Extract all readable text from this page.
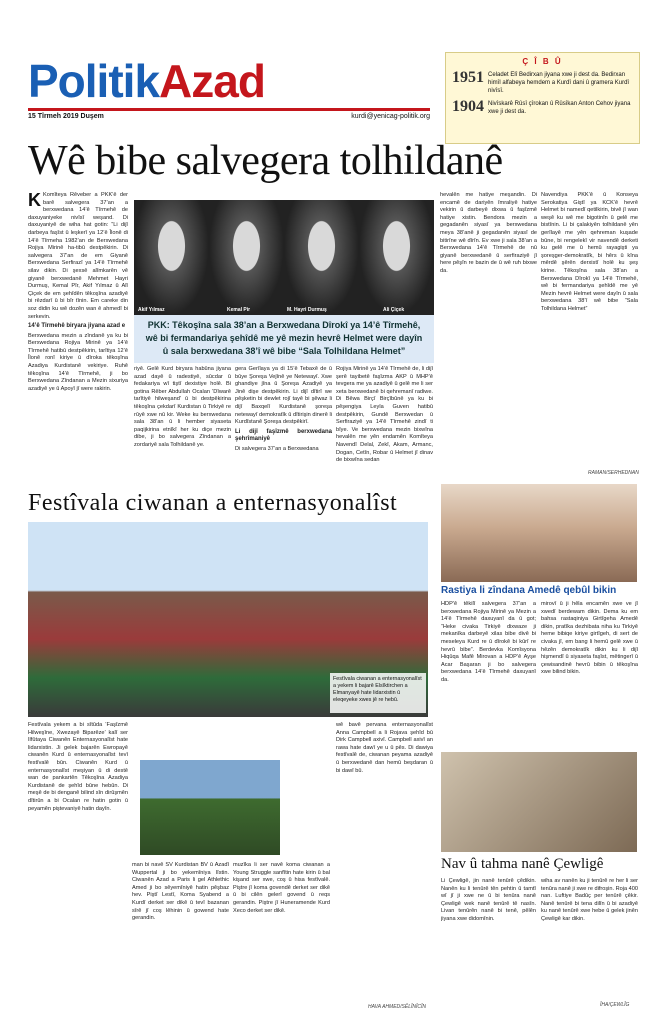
PolitikAzad
15 Tîrmeh 2019 Duşem	kurdi@yenicag-politik.org
Ç Î B Û
1951 Celadet Elî Bedirxan jiyana xwe ji dest da. Bedirxan himîl alfabeya hemdem a Kurdî dani û gramera Kurdî nivîsî.
1904 Nivîskarê Rûsî çîrokan û Rûsîkan Anton Cehov jiyana xwe ji dest da.
Wê bibe salvegera tolhildanê

K Komîteya Rêveber a PKK’ê der barê salvegera 37’an a berxwedana 14’ê Tîrmehê de daxuyaniyeke nivîsî weşand. Di daxuyaniyê de wiha hat gotin: “Li dijî darbeya faşîst û leşkerî ya 12’ê Îlonê di 14’ê Tîrmeha 1982’an de Berxwedana Rojiya Mirinê ha-tibû destpêkirin. Di salvegera 37’an de em Giyanê Berxwedana Serfirazî ya 14’ê Tîrmehê silav dikin. Di şexsê alîmkarên vê giyanê berxwedanê Mehmet Hayri Durmuş, Kemal Pîr, Akif Yılmaz û Alî Çiçek de em şehîdên têkoşîna azadiyê bi rêzdarî û bi bîr tînin. Em careke din soz didin ku wê dozên wan ê ahmedî bi serkevin.

14’ê Tîrmehê biryara jiyana azad e

Berxwedana mezin a zîndanê ya ku bi Berxwedana Rojiya Mirinê ya 14’ê Tîrmehê hatibû destpêkirin, tarîtiya 12’ê Îlonê ronî kiriye û dîroka têkoşîna Azadiya Kurdistanê vekiriye. Ruhê têkoşîna 14’ê Tîrmehê, ji bo Berxwedana Zîndanan a Mezin sixuriya azadiyê ye û Apoyî jî were rakirin.

Akif Yılmaz	Kemal Pir	M. Hayri Durmuş	Ali Çiçek
PKK: Têkoşîna sala 38’an a Berxwedana Dîrokî ya 14’ê Tîrmehê, wê bi fermandariya şehîdê me yê mezin hevrê Helmet were dayîn û sala berxwedana 38’î wê bibe “Sala Tolhildana Helmet”
riyê. Gelê Kurd biryara habûna jiyana azad dayê û radestiyê, sûcdar û fedakariya wî tiştî dexistiye holê. Bi gotina Rêber Abdullah Ocalan ‘Dîwarê tarîtiyê hilweşand’ û bi destpêkirina têkoşîna çekdarî Kurdistan û Tirkiyê re rûyê xwe nû kir. Weke ku berxwedana sala 38’an û li hember siyaseta paqijkirina etnîkî her ku diçe mezin dibe, ji bo salvegera Zîndanan a zordariyê sala Tolhildanê ye.

gera Gerîlaya ya di 15’ê Tebaxê de û bûye Şoreşa Vejînê ye Netewayî. Xwe ghandiye jîna û Şoreşa Azadiyê ya Jinê dişe destpêkirin. Li dijî dîtirî we pêşketin bi dewlet rojî tayê bi şêwaz li dijî Baxqelî Kurdistanê şoreşa netewayî demokratîk û dîtirişin dinerê li Kurdîstanê Şoreşa destpêkirî.

Li dijî faşîzmê berxwedana şehrîmaniyê

Di salvegera 37’an a Berxwedana

Rojiya Mirinê ya 14’ê Tîrmehê de, li dijî şerê tayibetê faşîzma AKP û MHP’ê tevgera me ya azadiyê û gelê me li ser xeta berxwedanê bi qehremanî radiwe. Di Bêwa Birçî Birçîbûnê ya ku bi pêşengiya Leyla Guven hatibû destpêkirin, Gundê Berxwedan û Serfiraziyê ya 14’ê Tîrmehê zindî ti bîye. Ve berxwedana mezin bixwîna hevalên me yên endamên Komîteya Navendî Delal, Zekî, Akam, Armanc, Dogan, Cetîn, Robar û Helmet jî dinav de bixwîna sedan
hevalên me hatiye meşandin. Di encamê de dariyên îmraliyê hatiye vekirin û darbeyê dixwa û faşîzmê hatiye xistin. Bendora mezin a gegadanên siyasî ya berxwedana meya 38’anê ji gegadanên siyasî de bitirîne wê dîrîn. Ev xwe ji sala 38’an a Berxwedana 14’ê Tîrmehê de nû giyanê berxwedanê û serfiraziyê jî here pêşîn re bazin de û wê ruh bixwe da.
Navendiya PKK’ê û Konseya Serokatiya Giştî ya KCK’ê hevrê Helmet bi namedî qetilkirin, bivê jî wan weşê ku wê me bigotinîn û gelê me bistînin. Li bi çalakiyên tolhildanê yên gerîlayê me yên qehreman kuşade bûne, bi rengelekî vir navendê derketi ku gelê me û hemû rayagişti ya şoreşger-demokratîk, bi hêrs û kîna mêrdê şêrên derxistî holê ku şeş kirine. Têkoşîna sala 38’an a Berxwedana Dîrokî ya 14’ê Tîrmehê, wê bi fermandariya şehîdê me yê Mezin hevrê Helmet were dayîn û sala berxwedana 38’î wê bibe “Sala Tolhildana Helmet”
RAMAN/SERHEDNAN
Festîvala ciwanan a enternasyonalîst
Festîvala ciwanan a enternasyonalîst a yekem li bajarê Elsîktirchen a Elmanyayê hate lidarxistin û eleqeyeke xwes jê re hebû.
Festîvala yekem a bi sîtûda ‘Faşîzmê Hilweşîne, Xwezayê Biparêze’ kalî ser Ilfûtaya Ciwanên Enternasyonalîst hate lidarxistin. Ji gelek bajarên Ewropayê ciwanên Kurd û enternasyonalîst tevî festîvalê bûn. Ciwanên Kurd û enternasyonalîst meşiyan û di destê wan de pankartên Têkoşîna Azadiya Kurdistanê de şehîd bûne hebûn. Di meşê de bi denganê bilind sîn dirûşmên dîtirûn a bi Ocalan re hatin gotin û peyamên piştevaniyê hatin dayîn.
man bi navê SV Kurdistan BV û Azadî Wuppertal ji bo yekemîniya lîstin. Ciwanên Azad a Paris li gel Athlethic Amed ji bo sêyemîniyê hatin pêşbaz hev. Piştî Lestî, Koma Syabend a Kurdî derket ser dikê û tevî bazanan sîrê jî coş lêhinin û gowend hate gerandin.
muzîka li ser navê koma ciwanan a Young Struggle sanfîtin hate kirin û bal kişand ser xwe, coş û hisa festîvalê. Piştre jî koma govendê derket ser dikê û bi cilên gelerî govend û reqs gerandin. Piştre jî Huneramende Kurd Xeco derket ser dikê.
wê bavê pervana enternasyonalîst Anna Campbell a li Rojava şehîd bû Dirk Campbell axivî. Campbell axivî an rawa hate dawî ye u û pês. Di dawiya festîvalê de, ciwanan peyama azadiyê û berxwedanê dan hemû beşdaran û bi dawî bû.
HAVA AHMED/SÊLÎNÎCÎN
Rastiya li zîndana Amedê qebûl bikin
HDP’ê têkilî salvegera 37’an a berxwedana Rojiya Mirinê ya Mezin a 14’ê Tîrmehê daxuyanî da û got; “Heke civaka Tirkiyê dixwaze ji mekanîka darbeyê xilas bibe divê bi meseleya Kurd re û dîrokê bi kûrî re hevrû bibe”. Berdevka Komîsyona Hiqûqa Mafê Mirovan a HDP’ê Ayşe Acar Başaran ji bo salvegera berxwedana 14’ê Tîrmehê daxuyanî da.
mirovî û ji hêla encamên xwe ve jî xwedî berdewam dikin. Dema ku em bahsa rastaqiniya Girtîgeha Amedê dikin, pratîka dezhibata niha ku Tirkiyê heme bibiqe kiriye girtîgeh, di sert de civaka jî, em bang li hemû gelê xwe û hêzên demokratîk dikin ku li dijî hişmendî û siyaseta faşîst, mêtingerî û çewisandinê hevrû bibin û têkoşîna xwe bilind bikin.
Nav û tahma nanê Çewligê
Li Çewligê, jin nanê tenûrê çêdikin. Nanên ku li tenûrê tên pehtin û tamtî wî jî ji xwe ne û bi tenûra nanê Çewligê wek nanê tenûrê tê nasîn. Livan tenûrên nanê bi tenê, pêlên jiyana xwe didomînin.
wiha av nanên ku ji tenûrê re her li ser tenûra nanê ji xwe re difroşin. Roja 400 nan. Luftiye Badûç per tenûrê çêkir. Nanê tenûrê bi tena dilîn û bi azadiyê ku nanê tenûrê xwe hebe û gelek jinên Çewligê kar dikin.
ÎHA/ÇEWLÎG
